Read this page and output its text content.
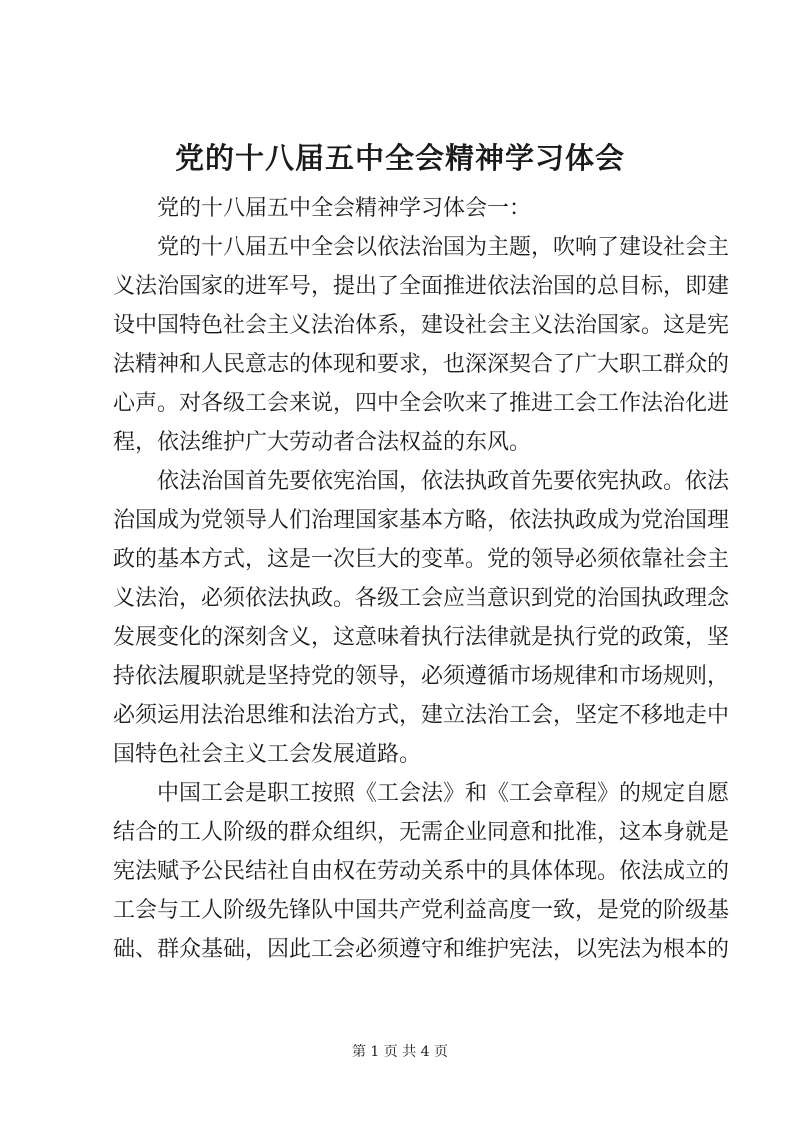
党的十八届五中全会精神学习体会
党的十八届五中全会精神学习体会一：
党的十八届五中全会以依法治国为主题，吹响了建设社会主
义法治国家的进军号，提出了全面推进依法治国的总目标，即建
设中国特色社会主义法治体系，建设社会主义法治国家。这是宪
法精神和人民意志的体现和要求，也深深契合了广大职工群众的
心声。对各级工会来说，四中全会吹来了推进工会工作法治化进
程，依法维护广大劳动者合法权益的东风。
依法治国首先要依宪治国，依法执政首先要依宪执政。依法
治国成为党领导人们治理国家基本方略，依法执政成为党治国理
政的基本方式，这是一次巨大的变革。党的领导必须依靠社会主
义法治，必须依法执政。各级工会应当意识到党的治国执政理念
发展变化的深刻含义，这意味着执行法律就是执行党的政策，坚
持依法履职就是坚持党的领导，必须遵循市场规律和市场规则，
必须运用法治思维和法治方式，建立法治工会，坚定不移地走中
国特色社会主义工会发展道路。
中国工会是职工按照《工会法》和《工会章程》的规定自愿
结合的工人阶级的群众组织，无需企业同意和批准，这本身就是
宪法赋予公民结社自由权在劳动关系中的具体体现。依法成立的
工会与工人阶级先锋队中国共产党利益高度一致，是党的阶级基
础、群众基础，因此工会必须遵守和维护宪法，以宪法为根本的
第 1 页 共 4 页
